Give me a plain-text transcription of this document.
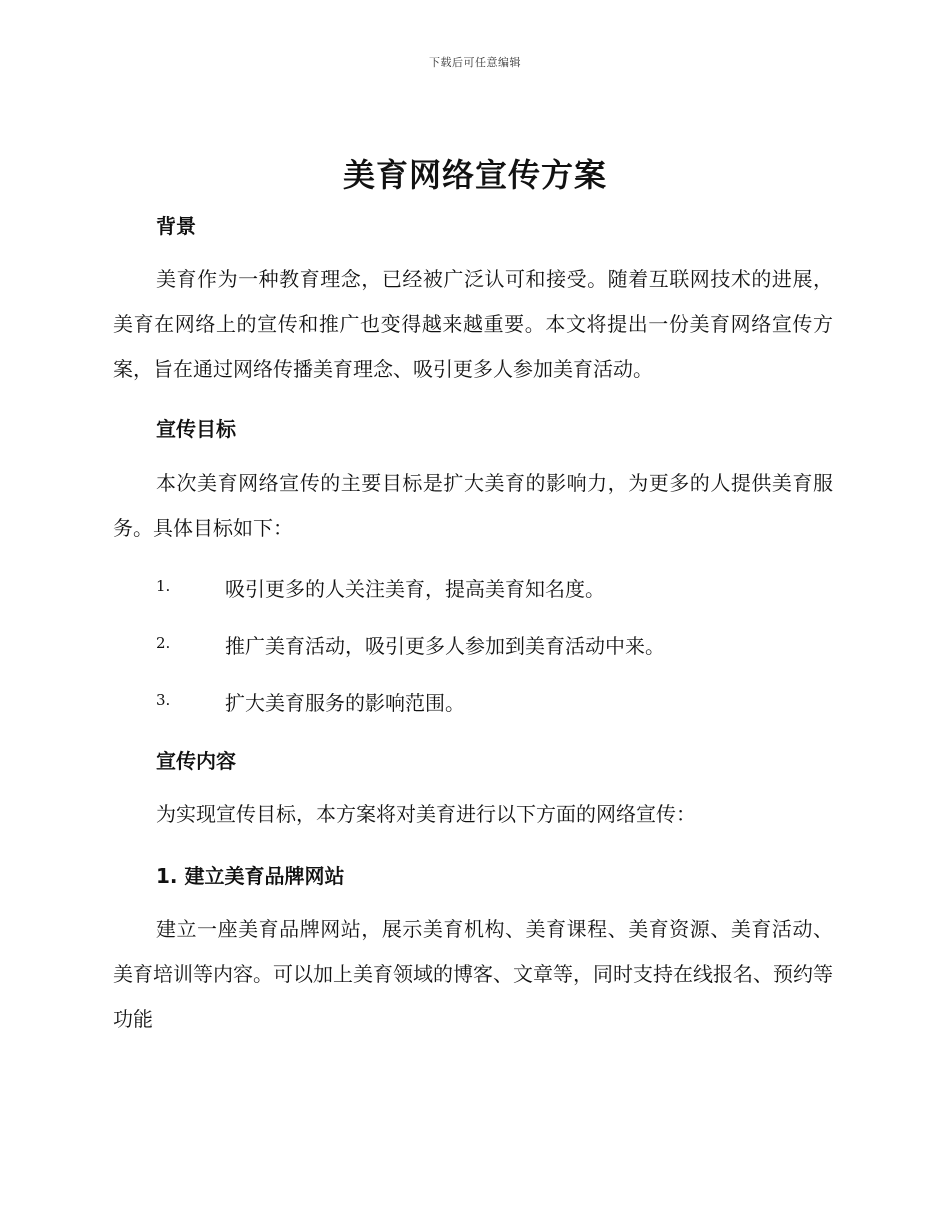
下载后可任意编辑
美育网络宣传方案
背景
美育作为一种教育理念，已经被广泛认可和接受。随着互联网技术的进展，美育在网络上的宣传和推广也变得越来越重要。本文将提出一份美育网络宣传方案，旨在通过网络传播美育理念、吸引更多人参加美育活动。
宣传目标
本次美育网络宣传的主要目标是扩大美育的影响力，为更多的人提供美育服务。具体目标如下：
1.	吸引更多的人关注美育，提高美育知名度。
2.	推广美育活动，吸引更多人参加到美育活动中来。
3.	扩大美育服务的影响范围。
宣传内容
为实现宣传目标，本方案将对美育进行以下方面的网络宣传：
1. 建立美育品牌网站
建立一座美育品牌网站，展示美育机构、美育课程、美育资源、美育活动、美育培训等内容。可以加上美育领域的博客、文章等，同时支持在线报名、预约等功能
